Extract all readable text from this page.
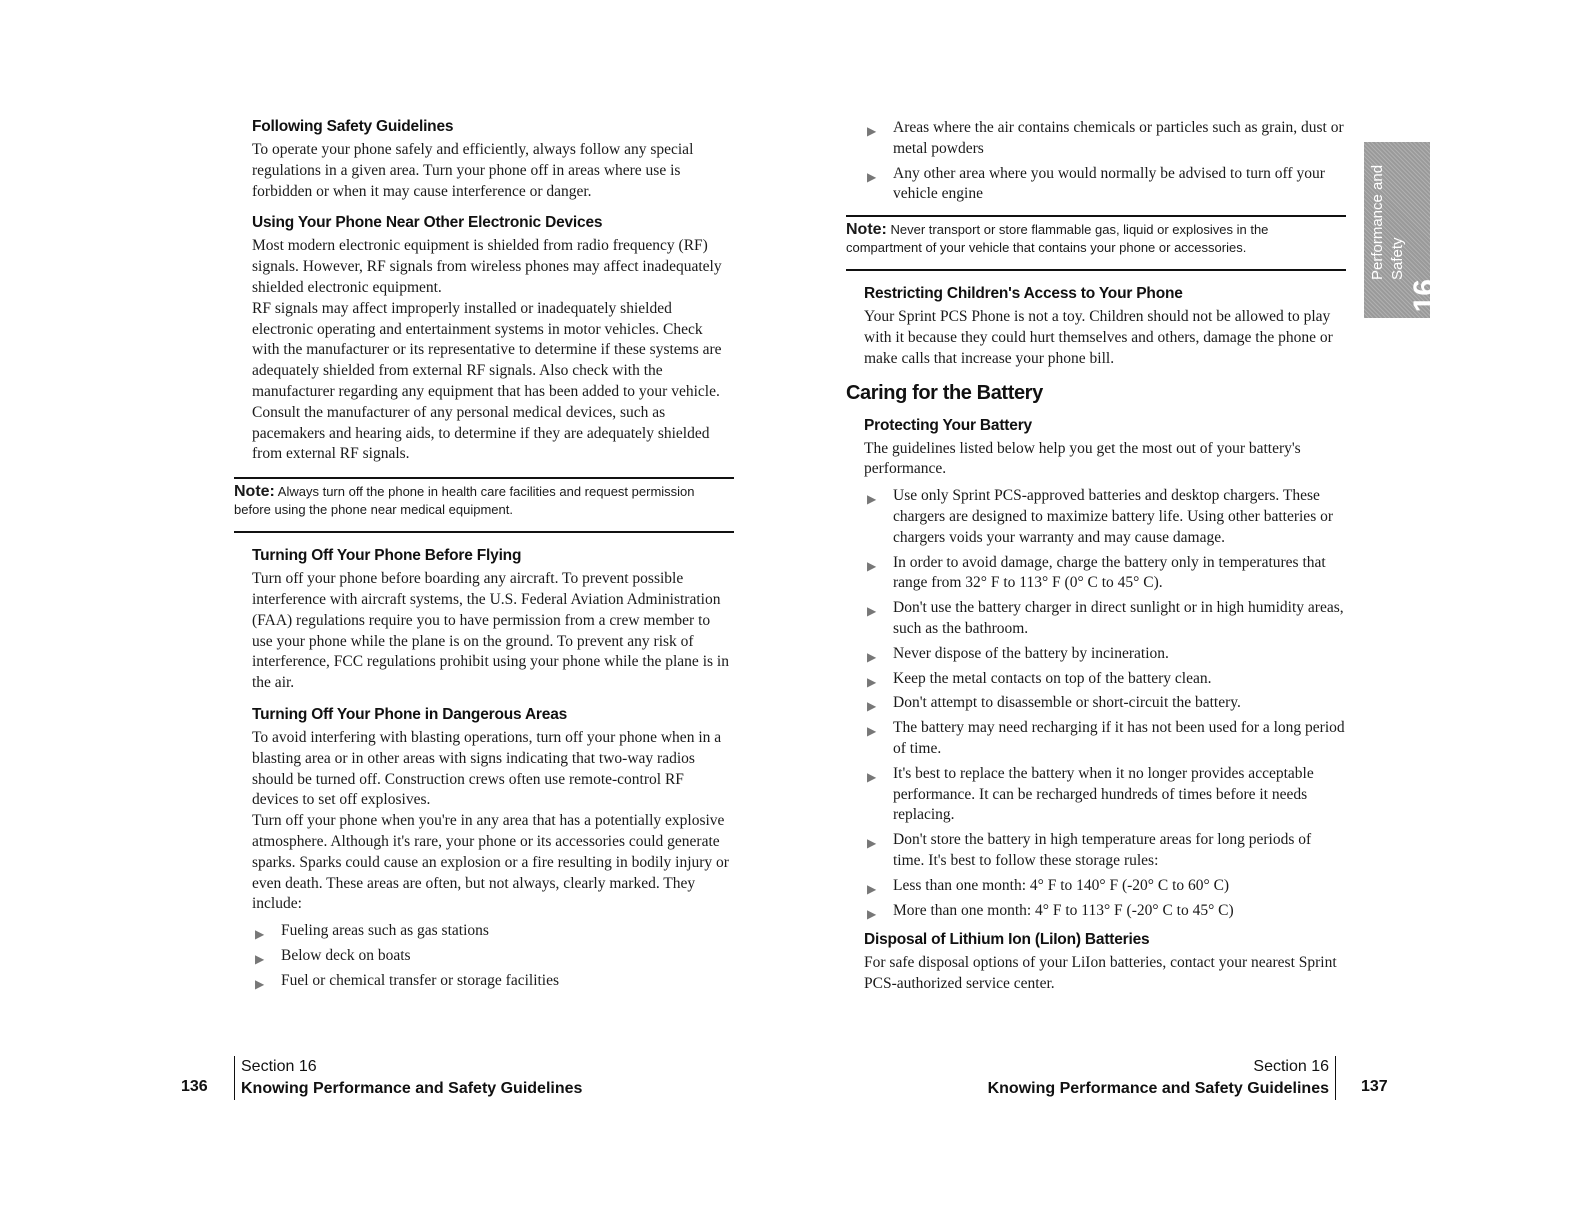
Following Safety Guidelines

To operate your phone safely and efficiently, always follow any special regulations in a given area. Turn your phone off in areas where use is forbidden or when it may cause interference or danger.

Using Your Phone Near Other Electronic Devices

Most modern electronic equipment is shielded from radio frequency (RF) signals. However, RF signals from wireless phones may affect inadequately shielded electronic equipment.

RF signals may affect improperly installed or inadequately shielded electronic operating and entertainment systems in motor vehicles. Check with the manufacturer or its representative to determine if these systems are adequately shielded from external RF signals. Also check with the manufacturer regarding any equipment that has been added to your vehicle.

Consult the manufacturer of any personal medical devices, such as pacemakers and hearing aids, to determine if they are adequately shielded from external RF signals.

Note: Always turn off the phone in health care facilities and request permission before using the phone near medical equipment.
Turning Off Your Phone Before Flying

Turn off your phone before boarding any aircraft. To prevent possible interference with aircraft systems, the U.S. Federal Aviation Administration (FAA) regulations require you to have permission from a crew member to use your phone while the plane is on the ground. To prevent any risk of interference, FCC regulations prohibit using your phone while the plane is in the air.

Turning Off Your Phone in Dangerous Areas

To avoid interfering with blasting operations, turn off your phone when in a blasting area or in other areas with signs indicating that two-way radios should be turned off. Construction crews often use remote-control RF devices to set off explosives.

Turn off your phone when you're in any area that has a potentially explosive atmosphere. Although it's rare, your phone or its accessories could generate sparks. Sparks could cause an explosion or a fire resulting in bodily injury or even death. These areas are often, but not always, clearly marked. They include:

▶ Fueling areas such as gas stations
▶ Below deck on boats
▶ Fuel or chemical transfer or storage facilities
▶ Areas where the air contains chemicals or particles such as grain, dust or metal powders
▶ Any other area where you would normally be advised to turn off your vehicle engine
Note: Never transport or store flammable gas, liquid or explosives in the compartment of your vehicle that contains your phone or accessories.
Restricting Children's Access to Your Phone

Your Sprint PCS Phone is not a toy. Children should not be allowed to play with it because they could hurt themselves and others, damage the phone or make calls that increase your phone bill.

Caring for the Battery
Protecting Your Battery

The guidelines listed below help you get the most out of your battery's performance.

▶ Use only Sprint PCS-approved batteries and desktop chargers. These chargers are designed to maximize battery life. Using other batteries or chargers voids your warranty and may cause damage.
▶ In order to avoid damage, charge the battery only in temperatures that range from 32° F to 113° F (0° C to 45° C).
▶ Don't use the battery charger in direct sunlight or in high humidity areas, such as the bathroom.
▶ Never dispose of the battery by incineration.
▶ Keep the metal contacts on top of the battery clean.
▶ Don't attempt to disassemble or short-circuit the battery.
▶ The battery may need recharging if it has not been used for a long period of time.
▶ It's best to replace the battery when it no longer provides acceptable performance. It can be recharged hundreds of times before it needs replacing.
▶ Don't store the battery in high temperature areas for long periods of time. It's best to follow these storage rules:
▶ Less than one month: 4° F to 140° F (-20° C to 60° C)
▶ More than one month: 4° F to 113° F (-20° C to 45° C)
Disposal of Lithium Ion (LiIon) Batteries

For safe disposal options of your LiIon batteries, contact your nearest Sprint PCS-authorized service center.

Performance and Safety
16
136
Section 16
Knowing Performance and Safety Guidelines
Section 16
Knowing Performance and Safety Guidelines 137
